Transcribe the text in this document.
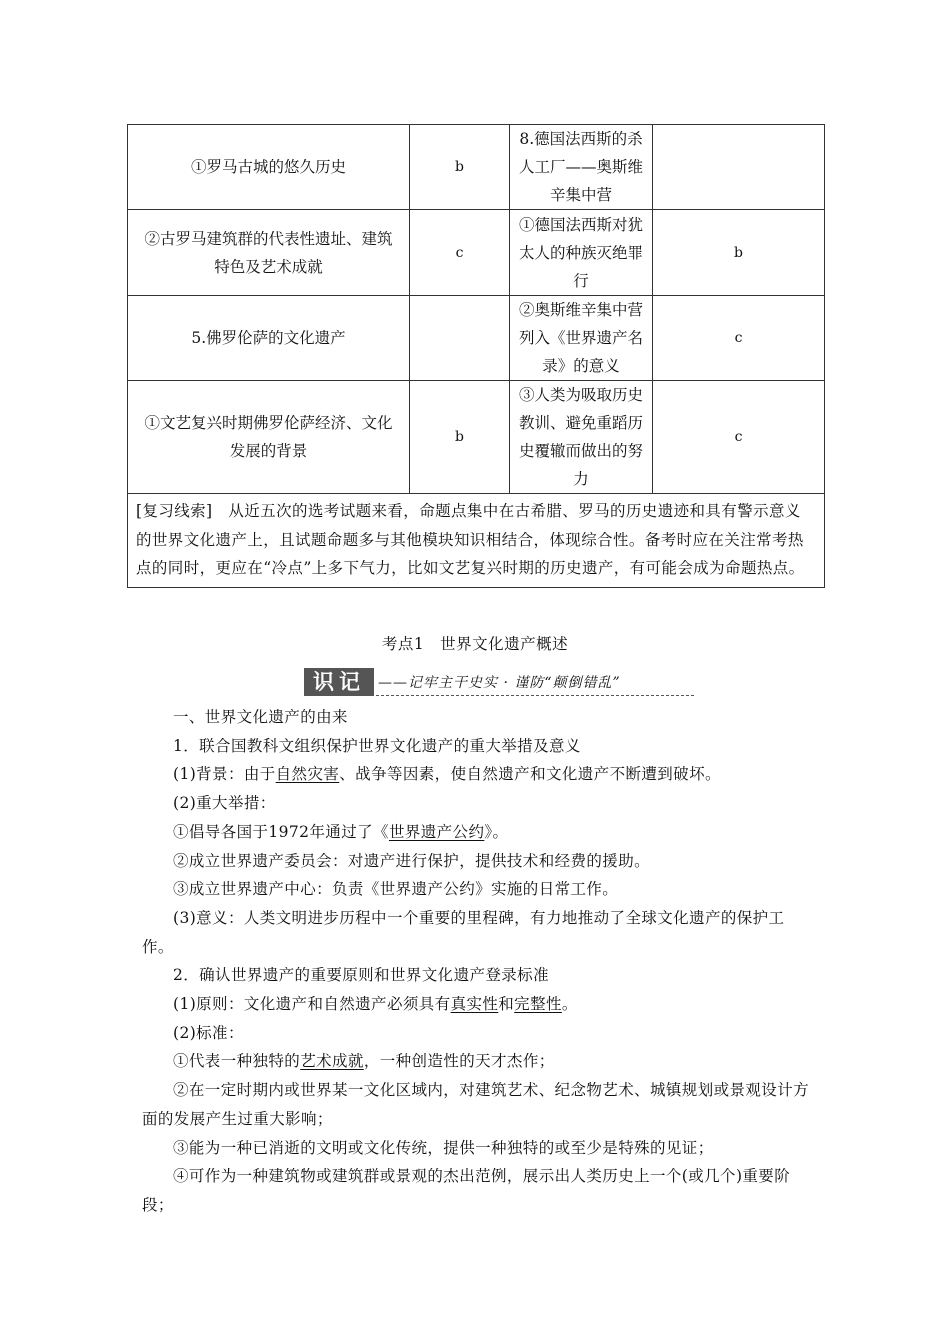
①罗马古城的悠久历史	b	8.德国法西斯的杀人工厂——奥斯维辛集中营	
②古罗马建筑群的代表性遗址、建筑特色及艺术成就	c	①德国法西斯对犹太人的种族灭绝罪行	b
5.佛罗伦萨的文化遗产		②奥斯维辛集中营列入《世界遗产名录》的意义	c
①文艺复兴时期佛罗伦萨经济、文化发展的背景	b	③人类为吸取历史教训、避免重蹈历史覆辙而做出的努力	c
[复习线索]　从近五次的选考试题来看，命题点集中在古希腊、罗马的历史遗迹和具有警示意义的世界文化遗产上，且试题命题多与其他模块知识相结合，体现综合性。备考时应在关注常考热点的同时，更应在“冷点”上多下气力，比如文艺复兴时期的历史遗产，有可能会成为命题热点。			
考点1　世界文化遗产概述
识记 ——记牢主干史实 · 谨防“颠倒错乱”

一、世界文化遗产的由来

1．联合国教科文组织保护世界文化遗产的重大举措及意义

(1)背景：由于自然灾害、战争等因素，使自然遗产和文化遗产不断遭到破坏。

(2)重大举措：

①倡导各国于1972年通过了《世界遗产公约》。

②成立世界遗产委员会：对遗产进行保护，提供技术和经费的援助。

③成立世界遗产中心：负责《世界遗产公约》实施的日常工作。

(3)意义：人类文明进步历程中一个重要的里程碑，有力地推动了全球文化遗产的保护工作。

2．确认世界遗产的重要原则和世界文化遗产登录标准

(1)原则：文化遗产和自然遗产必须具有真实性和完整性。

(2)标准：

①代表一种独特的艺术成就，一种创造性的天才杰作；

②在一定时期内或世界某一文化区域内，对建筑艺术、纪念物艺术、城镇规划或景观设计方面的发展产生过重大影响；

③能为一种已消逝的文明或文化传统，提供一种独特的或至少是特殊的见证；

④可作为一种建筑物或建筑群或景观的杰出范例，展示出人类历史上一个(或几个)重要阶段；
